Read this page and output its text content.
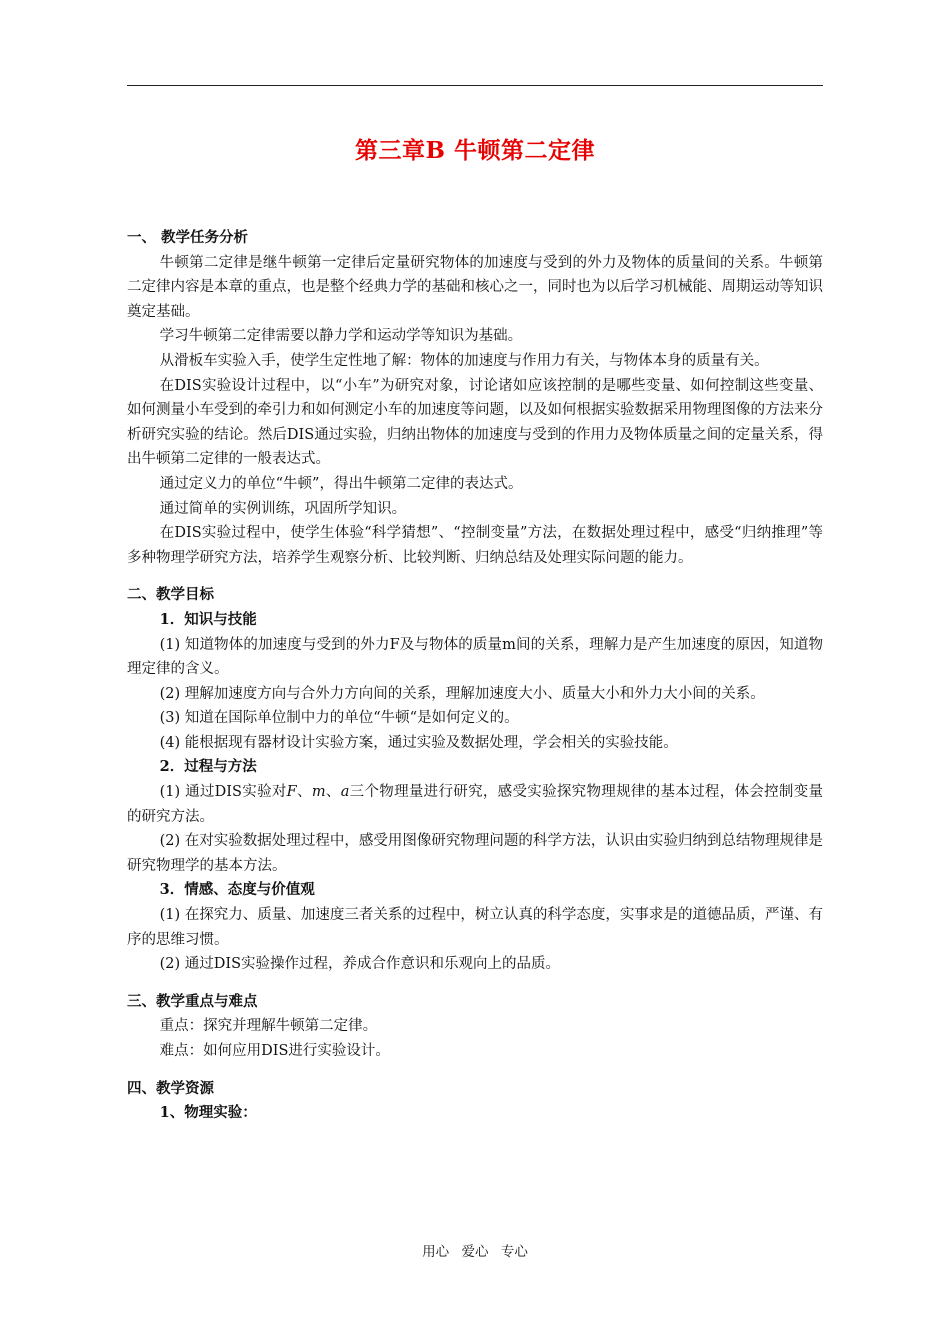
第三章B 牛顿第二定律

一、 教学任务分析

牛顿第二定律是继牛顿第一定律后定量研究物体的加速度与受到的外力及物体的质量间的关系。牛顿第二定律内容是本章的重点，也是整个经典力学的基础和核心之一，同时也为以后学习机械能、周期运动等知识奠定基础。

学习牛顿第二定律需要以静力学和运动学等知识为基础。

从滑板车实验入手，使学生定性地了解：物体的加速度与作用力有关，与物体本身的质量有关。

在DIS实验设计过程中，以“小车”为研究对象，讨论诸如应该控制的是哪些变量、如何控制这些变量、如何测量小车受到的牵引力和如何测定小车的加速度等问题，以及如何根据实验数据采用物理图像的方法来分析研究实验的结论。然后DIS通过实验，归纳出物体的加速度与受到的作用力及物体质量之间的定量关系，得出牛顿第二定律的一般表达式。

通过定义力的单位“牛顿”，得出牛顿第二定律的表达式。

通过简单的实例训练，巩固所学知识。

在DIS实验过程中，使学生体验“科学猜想”、“控制变量”方法，在数据处理过程中，感受“归纳推理”等多种物理学研究方法，培养学生观察分析、比较判断、归纳总结及处理实际问题的能力。

二、教学目标

1．知识与技能

(1) 知道物体的加速度与受到的外力F及与物体的质量m间的关系，理解力是产生加速度的原因，知道物理定律的含义。

(2) 理解加速度方向与合外力方向间的关系，理解加速度大小、质量大小和外力大小间的关系。

(3) 知道在国际单位制中力的单位“牛顿“是如何定义的。

(4) 能根据现有器材设计实验方案，通过实验及数据处理，学会相关的实验技能。

2．过程与方法

(1) 通过DIS实验对F、m、a三个物理量进行研究，感受实验探究物理规律的基本过程，体会控制变量的研究方法。

(2) 在对实验数据处理过程中，感受用图像研究物理问题的科学方法，认识由实验归纳到总结物理规律是研究物理学的基本方法。

3．情感、态度与价值观

(1) 在探究力、质量、加速度三者关系的过程中，树立认真的科学态度，实事求是的道德品质，严谨、有序的思维习惯。

(2) 通过DIS实验操作过程，养成合作意识和乐观向上的品质。

三、教学重点与难点

重点：探究并理解牛顿第二定律。

难点：如何应用DIS进行实验设计。

四、教学资源

1、物理实验：

用心 爱心 专心
